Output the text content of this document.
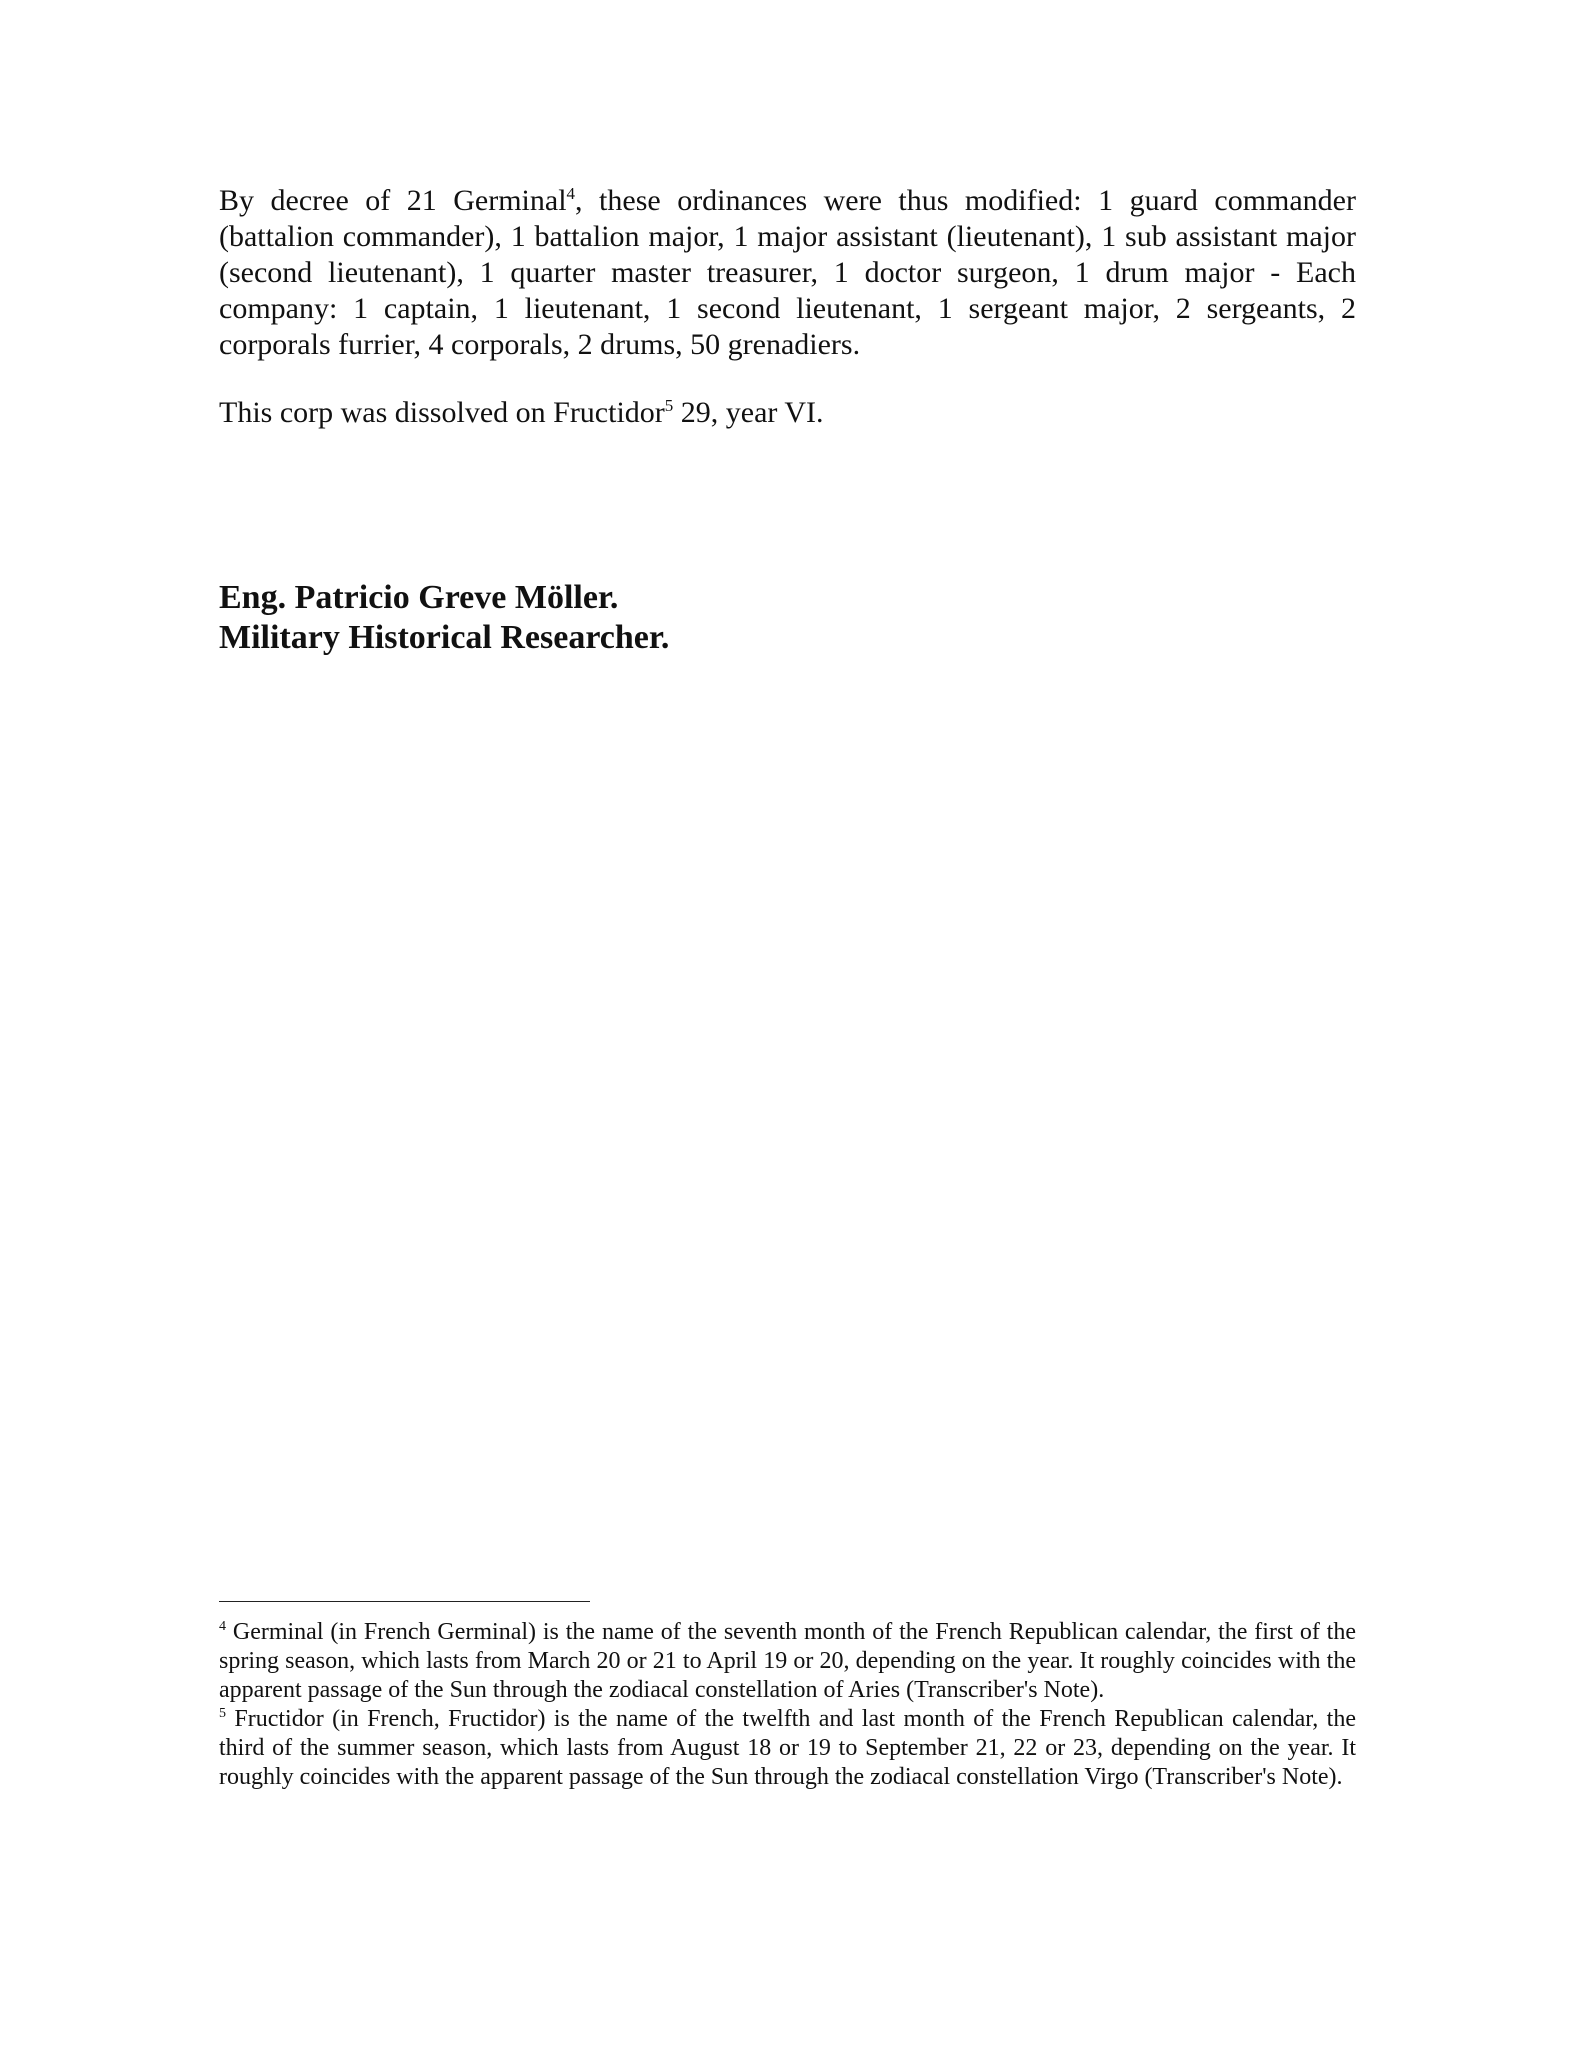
By decree of 21 Germinal$^4$, these ordinances were thus modified: 1 guard commander (battalion commander), 1 battalion major, 1 major assistant (lieutenant), 1 sub assistant major (second lieutenant), 1 quarter master treasurer, 1 doctor surgeon, 1 drum major - Each company: 1 captain, 1 lieutenant, 1 second lieutenant, 1 sergeant major, 2 sergeants, 2 corporals furrier, 4 corporals, 2 drums, 50 grenadiers.

This corp was dissolved on Fructidor$^5$ 29, year VI.

Eng. Patricio Greve Möller.
Military Historical Researcher.
$^4$ Germinal (in French Germinal) is the name of the seventh month of the French Republican calendar, the first of the spring season, which lasts from March 20 or 21 to April 19 or 20, depending on the year. It roughly coincides with the apparent passage of the Sun through the zodiacal constellation of Aries (Transcriber's Note).
$^5$ Fructidor (in French, Fructidor) is the name of the twelfth and last month of the French Republican calendar, the third of the summer season, which lasts from August 18 or 19 to September 21, 22 or 23, depending on the year. It roughly coincides with the apparent passage of the Sun through the zodiacal constellation Virgo (Transcriber's Note).
